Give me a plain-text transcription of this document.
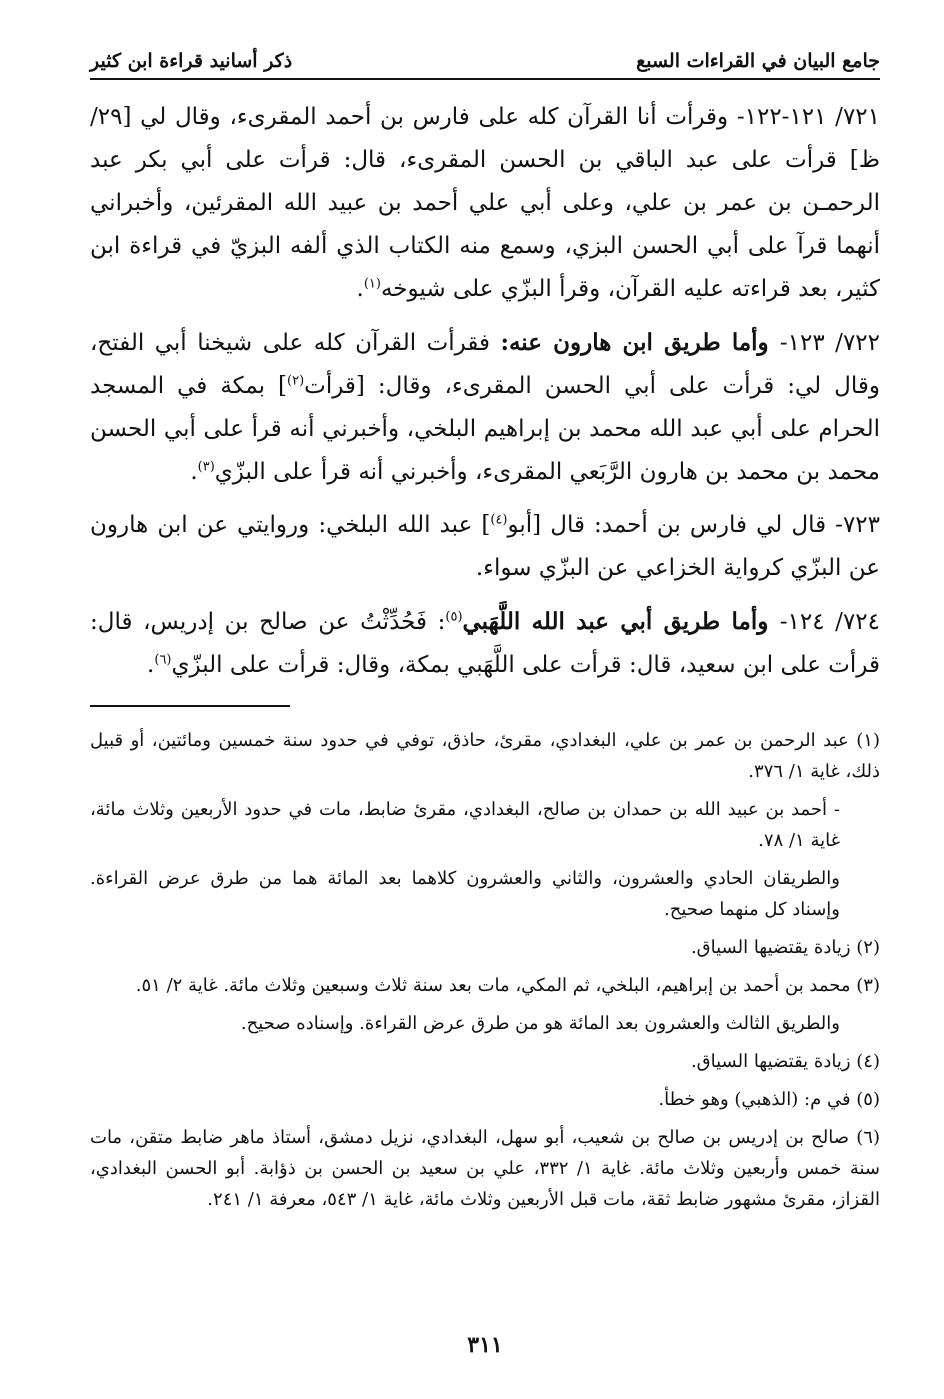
جامع البيان في القراءات السبع
ذكر أسانيد قراءة ابن كثير

٧٢١/ ١٢١-١٢٢- وقرأت أنا القرآن كله على فارس بن أحمد المقرىء، وقال لي [٢٩/ ظ] قرأت على عبد الباقي بن الحسن المقرىء، قال: قرأت على أبي بكر عبد الرحمـن بن عمر بن علي، وعلى أبي علي أحمد بن عبيد الله المقرئين، وأخبراني أنهما قرآ على أبي الحسن البزي، وسمع منه الكتاب الذي ألفه البزيّ في قراءة ابن كثير، بعد قراءته عليه القرآن، وقرأ البزّي على شيوخه$^{(١)}$.

٧٢٢/ ١٢٣- وأما طريق ابن هارون عنه: فقرأت القرآن كله على شيخنا أبي الفتح، وقال لي: قرأت على أبي الحسن المقرىء، وقال: [قرأت$^{(٢)}$] بمكة في المسجد الحرام على أبي عبد الله محمد بن إبراهيم البلخي، وأخبرني أنه قرأ على أبي الحسن محمد بن محمد بن هارون الرَّبَعي المقرىء، وأخبرني أنه قرأ على البزّي$^{(٣)}$.

٧٢٣- قال لي فارس بن أحمد: قال [أبو$^{(٤)}$] عبد الله البلخي: وروايتي عن ابن هارون عن البزّي كرواية الخزاعي عن البزّي سواء.

٧٢٤/ ١٢٤- وأما طريق أبي عبد الله اللَّهَبي$^{(٥)}$: فَحُدِّثْتُ عن صالح بن إدريس، قال: قرأت على ابن سعيد، قال: قرأت على اللَّهَبي بمكة، وقال: قرأت على البزّي$^{(٦)}$.

(١) عبد الرحمن بن عمر بن علي، البغدادي، مقرئ، حاذق، توفي في حدود سنة خمسين ومائتين، أو قبيل ذلك، غاية ١/ ٣٧٦.

- أحمد بن عبيد الله بن حمدان بن صالح، البغدادي، مقرئ ضابط، مات في حدود الأربعين وثلاث مائة، غاية ١/ ٧٨.

والطريقان الحادي والعشرون، والثاني والعشرون كلاهما بعد المائة هما من طرق عرض القراءة. وإسناد كل منهما صحيح.

(٢) زيادة يقتضيها السياق.

(٣) محمد بن أحمد بن إبراهيم، البلخي، ثم المكي، مات بعد سنة ثلاث وسبعين وثلاث مائة. غاية ٢/ ٥١.

والطريق الثالث والعشرون بعد المائة هو من طرق عرض القراءة. وإسناده صحيح.

(٤) زيادة يقتضيها السياق.

(٥) في م: (الذهبي) وهو خطأ.

(٦) صالح بن إدريس بن صالح بن شعيب، أبو سهل، البغدادي، نزيل دمشق، أستاذ ماهر ضابط متقن، مات سنة خمس وأربعين وثلاث مائة. غاية ١/ ٣٣٢، علي بن سعيد بن الحسن بن ذؤابة. أبو الحسن البغدادي، القزاز، مقرئ مشهور ضابط ثقة، مات قبل الأربعين وثلاث مائة، غاية ١/ ٥٤٣، معرفة ١/ ٢٤١.

٣١١
